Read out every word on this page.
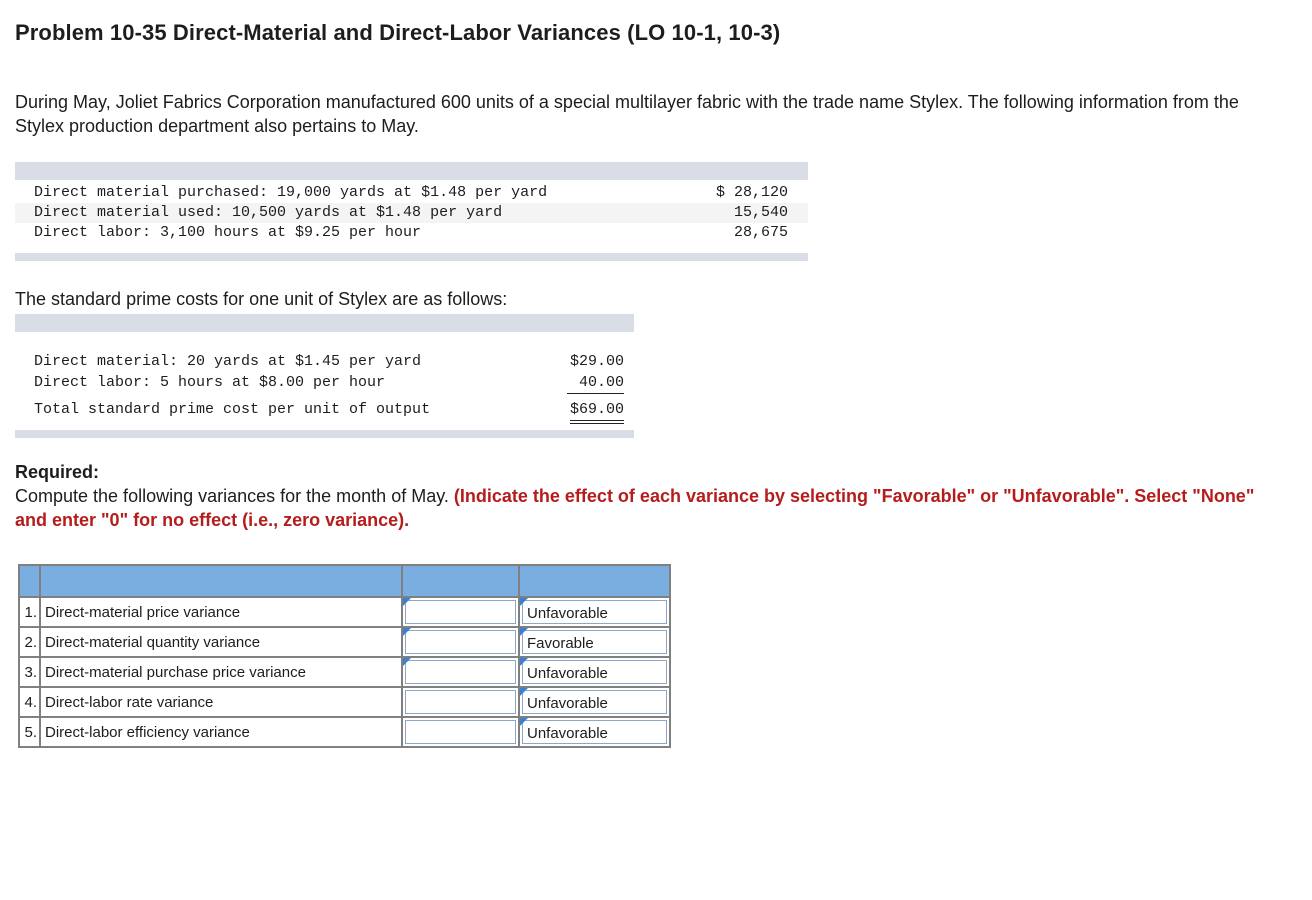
Problem 10-35 Direct-Material and Direct-Labor Variances (LO 10-1, 10-3)
During May, Joliet Fabrics Corporation manufactured 600 units of a special multilayer fabric with the trade name Stylex. The following information from the Stylex production department also pertains to May.
Direct material purchased: 19,000 yards at $1.48 per yard	$ 28,120
Direct material used: 10,500 yards at $1.48 per yard	15,540
Direct labor: 3,100 hours at $9.25 per hour	28,675
The standard prime costs for one unit of Stylex are as follows:
Direct material: 20 yards at $1.45 per yard	$29.00
Direct labor: 5 hours at $8.00 per hour	40.00
Total standard prime cost per unit of output	$69.00
Required:
Compute the following variances for the month of May. (Indicate the effect of each variance by selecting "Favorable" or "Unfavorable". Select "None" and enter "0" for no effect (i.e., zero variance).

1.	Direct-material price variance		Unfavorable

2.	Direct-material quantity variance		Favorable

3.	Direct-material purchase price variance		Unfavorable

4.	Direct-labor rate variance		Unfavorable

5.	Direct-labor efficiency variance		Unfavorable
